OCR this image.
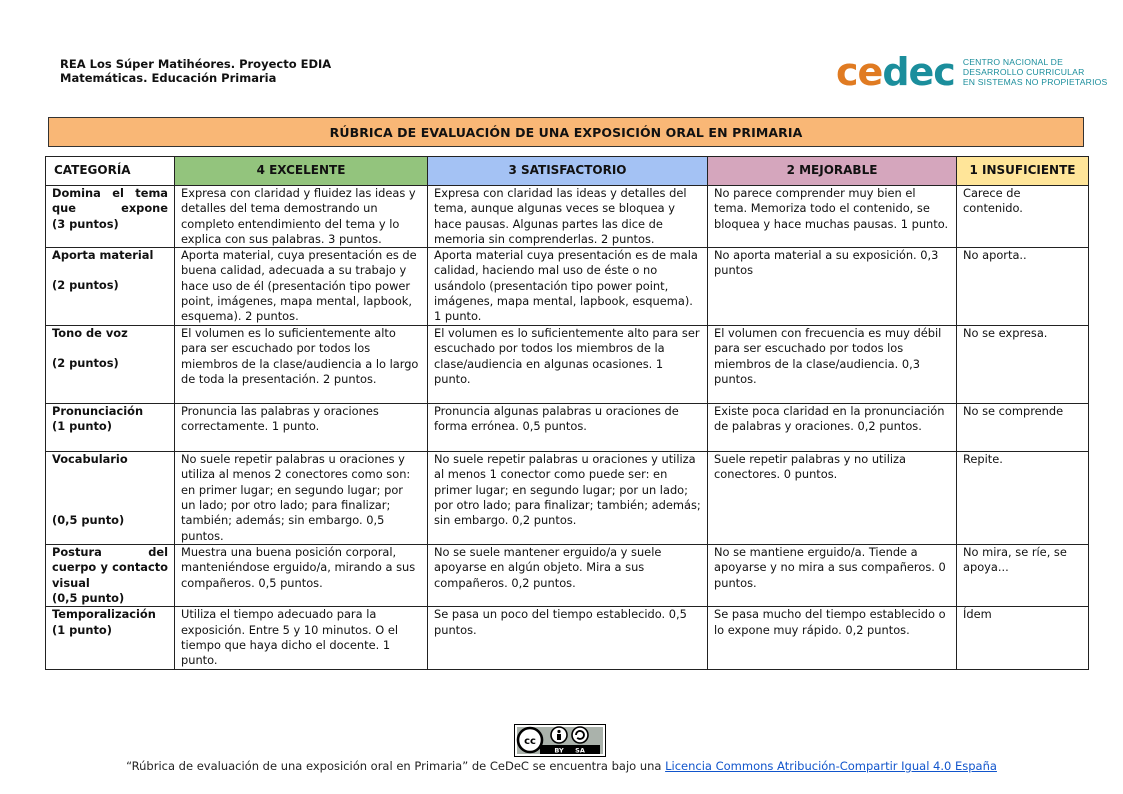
REA Los Súper Matihéores. Proyecto EDIA
Matemáticas. Educación Primaria	cedec CENTRO NACIONAL DE
DESARROLLO CURRICULAR
EN SISTEMAS NO PROPIETARIOS
RÚBRICA DE EVALUACIÓN DE UNA EXPOSICIÓN ORAL EN PRIMARIA
CATEGORÍA	4 EXCELENTE	3 SATISFACTORIO	2 MEJORABLE	1 INSUFICIENTE

Domina el tema que expone
(3 puntos)	Expresa con claridad y fluidez las ideas y detalles del tema demostrando un completo entendimiento del tema y lo explica con sus palabras. 3 puntos.	Expresa con claridad las ideas y detalles del tema, aunque algunas veces se bloquea y hace pausas. Algunas partes las dice de memoria sin comprenderlas. 2 puntos.	No parece comprender muy bien el tema. Memoriza todo el contenido, se bloquea y hace muchas pausas. 1 punto.	Carece de contenido.

Aporta material
(2 puntos)	Aporta material, cuya presentación es de buena calidad, adecuada a su trabajo y hace uso de él (presentación tipo power point, imágenes, mapa mental, lapbook, esquema). 2 puntos.	Aporta material cuya presentación es de mala calidad, haciendo mal uso de éste o no usándolo (presentación tipo power point, imágenes, mapa mental, lapbook, esquema). 1 punto.	No aporta material a su exposición. 0,3 puntos	No aporta..

Tono de voz
(2 puntos)	El volumen es lo suficientemente alto para ser escuchado por todos los miembros de la clase/audiencia a lo largo de toda la presentación. 2 puntos.	El volumen es lo suficientemente alto para ser escuchado por todos los miembros de la clase/audiencia en algunas ocasiones. 1 punto.	El volumen con frecuencia es muy débil para ser escuchado por todos los miembros de la clase/audiencia. 0,3 puntos.	No se expresa.

Pronunciación
(1 punto)	Pronuncia las palabras y oraciones correctamente. 1 punto.	Pronuncia algunas palabras u oraciones de forma errónea. 0,5 puntos.	Existe poca claridad en la pronunciación de palabras y oraciones. 0,2 puntos.	No se comprende

Vocabulario
(0,5 punto)	No suele repetir palabras u oraciones y utiliza al menos 2 conectores como son: en primer lugar; en segundo lugar; por un lado; por otro lado; para finalizar; también; además; sin embargo. 0,5 puntos.	No suele repetir palabras u oraciones y utiliza al menos 1 conector como puede ser: en primer lugar; en segundo lugar; por un lado; por otro lado; para finalizar; también; además; sin embargo. 0,2 puntos.	Suele repetir palabras y no utiliza conectores. 0 puntos.	Repite.

Postura del cuerpo y contacto visual
(0,5 punto)	Muestra una buena posición corporal, manteniéndose erguido/a, mirando a sus compañeros. 0,5 puntos.	No se suele mantener erguido/a y suele apoyarse en algún objeto. Mira a sus compañeros. 0,2 puntos.	No se mantiene erguido/a. Tiende a apoyarse y no mira a sus compañeros. 0 puntos.	No mira, se ríe, se apoya...

Temporalización
(1 punto)	Utiliza el tiempo adecuado para la exposición. Entre 5 y 10 minutos. O el tiempo que haya dicho el docente. 1 punto.	Se pasa un poco del tiempo establecido. 0,5 puntos.	Se pasa mucho del tiempo establecido o lo expone muy rápido. 0,2 puntos.	Ídem
cc
BY SA
“Rúbrica de evaluación de una exposición oral en Primaria” de CeDeC se encuentra bajo una Licencia Commons Atribución-Compartir Igual 4.0 España
